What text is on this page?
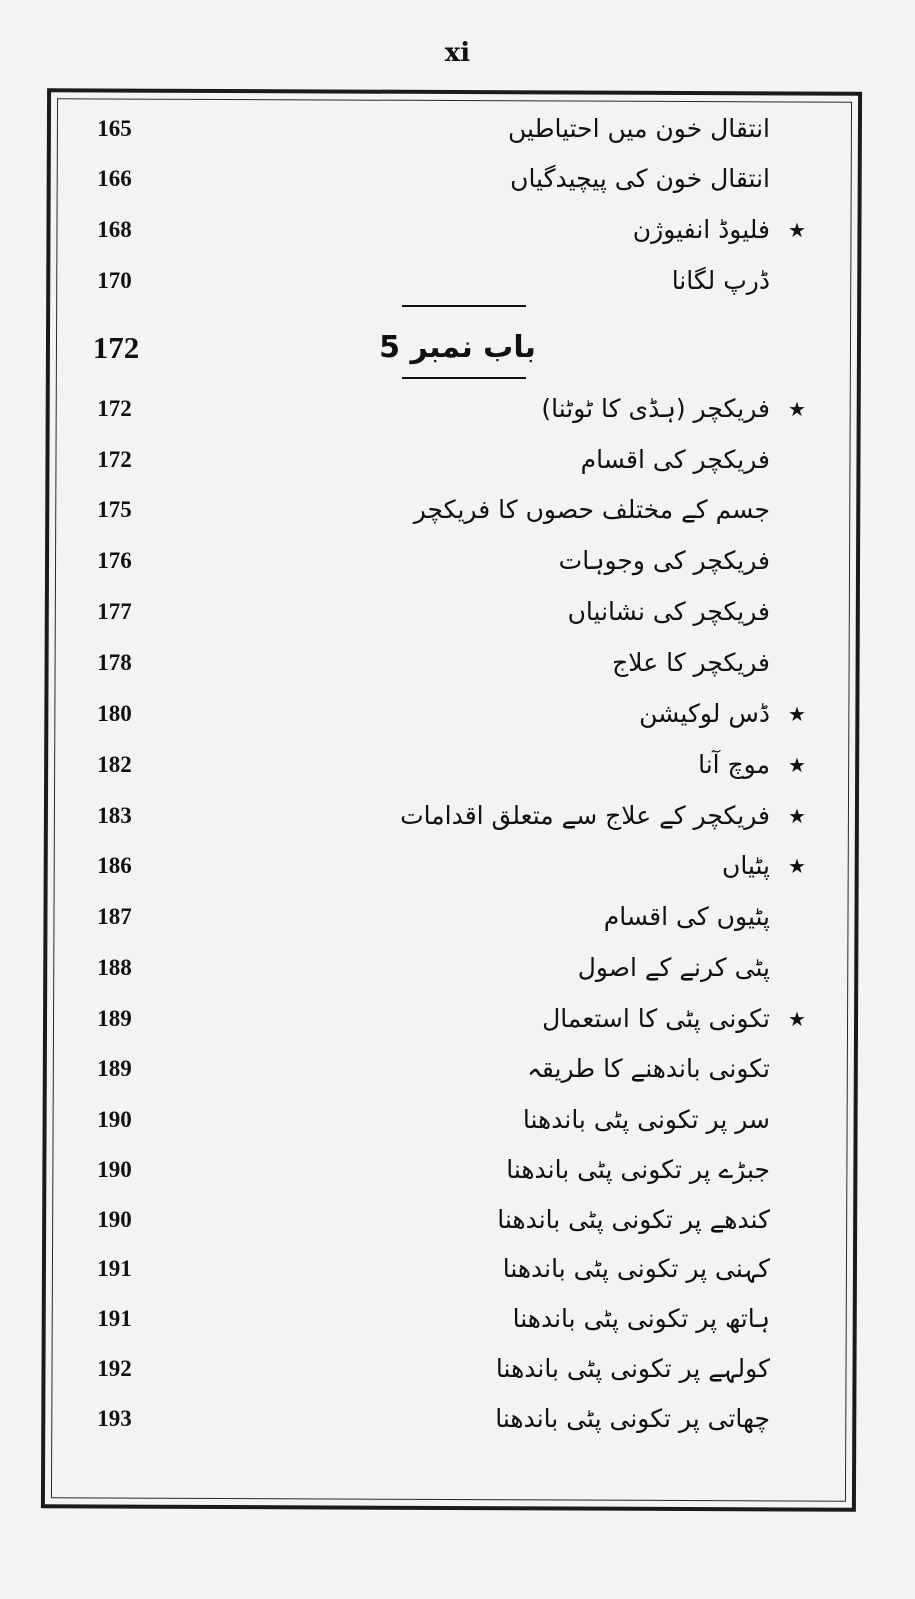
xi
انتقال خون میں احتیاطیں
165
انتقال خون کی پیچیدگیاں
166
★
فلیوڈ انفیوژن
168
ڈرپ لگانا
170
باب نمبر 5
172
★
فریکچر (ہڈی کا ٹوٹنا)
172
فریکچر کی اقسام
172
جسم کے مختلف حصوں کا فریکچر
175
فریکچر کی وجوہات
176
فریکچر کی نشانیاں
177
فریکچر کا علاج
178
★
ڈس لوکیشن
180
★
موچ آنا
182
★
فریکچر کے علاج سے متعلق اقدامات
183
★
پٹیاں
186
پٹیوں کی اقسام
187
پٹی کرنے کے اصول
188
★
تکونی پٹی کا استعمال
189
تکونی باندھنے کا طریقہ
189
سر پر تکونی پٹی باندھنا
190
جبڑے پر تکونی پٹی باندھنا
190
کندھے پر تکونی پٹی باندھنا
190
کہنی پر تکونی پٹی باندھنا
191
ہاتھ پر تکونی پٹی باندھنا
191
کولہے پر تکونی پٹی باندھنا
192
چھاتی پر تکونی پٹی باندھنا
193
